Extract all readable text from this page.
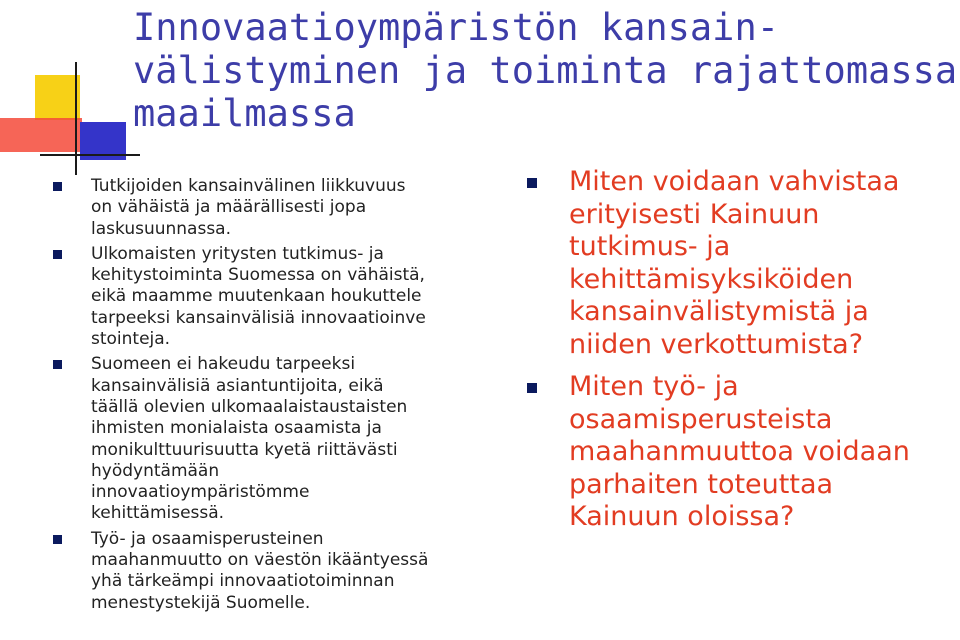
Innovaatioympäristön kansain-
välistyminen ja toiminta rajattomassa
maailmassa
Tutkijoiden kansainvälinen liikkuvuus
on vähäistä ja määrällisesti jopa
laskusuunnassa.
Ulkomaisten yritysten tutkimus- ja
kehitystoiminta Suomessa on vähäistä,
eikä maamme muutenkaan houkuttele
tarpeeksi kansainvälisiä innovaatioinve
stointeja.
Suomeen ei hakeudu tarpeeksi
kansainvälisiä asiantuntijoita, eikä
täällä olevien ulkomaalaistaustaisten
ihmisten monialaista osaamista ja
monikulttuurisuutta kyetä riittävästi
hyödyntämään
innovaatioympäristömme
kehittämisessä.
Työ- ja osaamisperusteinen
maahanmuutto on väestön ikääntyessä
yhä tärkeämpi innovaatiotoiminnan
menestystekijä Suomelle.
Miten voidaan vahvistaa
erityisesti Kainuun
tutkimus- ja
kehittämisyksiköiden
kansainvälistymistä ja
niiden verkottumista?
Miten työ- ja
osaamisperusteista
maahanmuuttoa voidaan
parhaiten toteuttaa
Kainuun oloissa?
